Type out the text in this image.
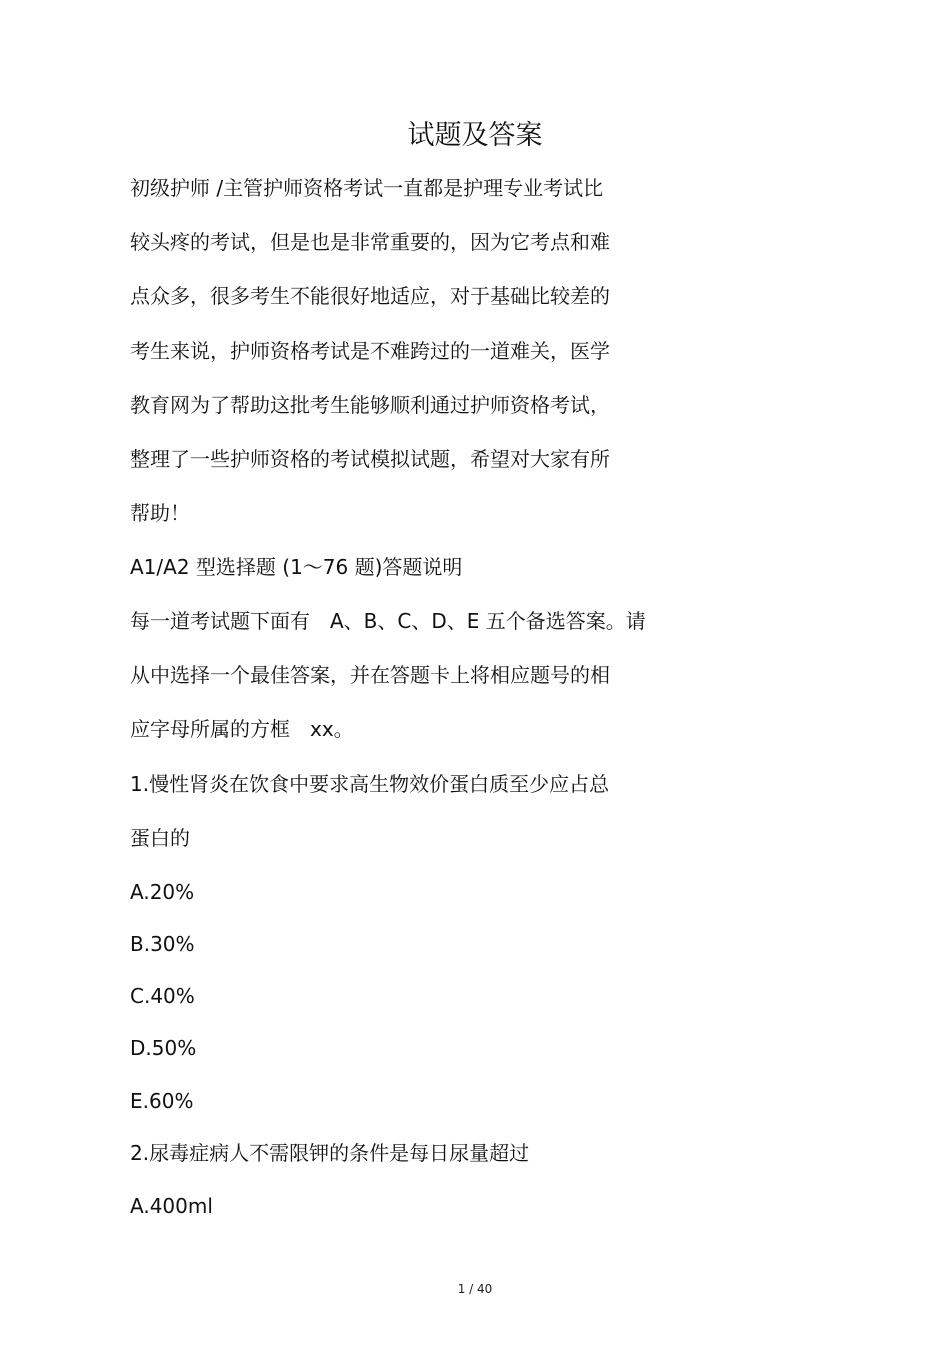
试题及答案
初级护师 /主管护师资格考试一直都是护理专业考试比
较头疼的考试，但是也是非常重要的，因为它考点和难
点众多，很多考生不能很好地适应，对于基础比较差的
考生来说，护师资格考试是不难跨过的一道难关，医学
教育网为了帮助这批考生能够顺利通过护师资格考试，
整理了一些护师资格的考试模拟试题，希望对大家有所
帮助！
A1/A2 型选择题 (1～76 题)答题说明
每一道考试题下面有　A、B、C、D、E 五个备选答案。请
从中选择一个最佳答案，并在答题卡上将相应题号的相
应字母所属的方框　xx。
1.慢性肾炎在饮食中要求高生物效价蛋白质至少应占总
蛋白的
A.20%
B.30%
C.40%
D.50%
E.60%
2.尿毒症病人不需限钾的条件是每日尿量超过
A.400ml
1 / 40
